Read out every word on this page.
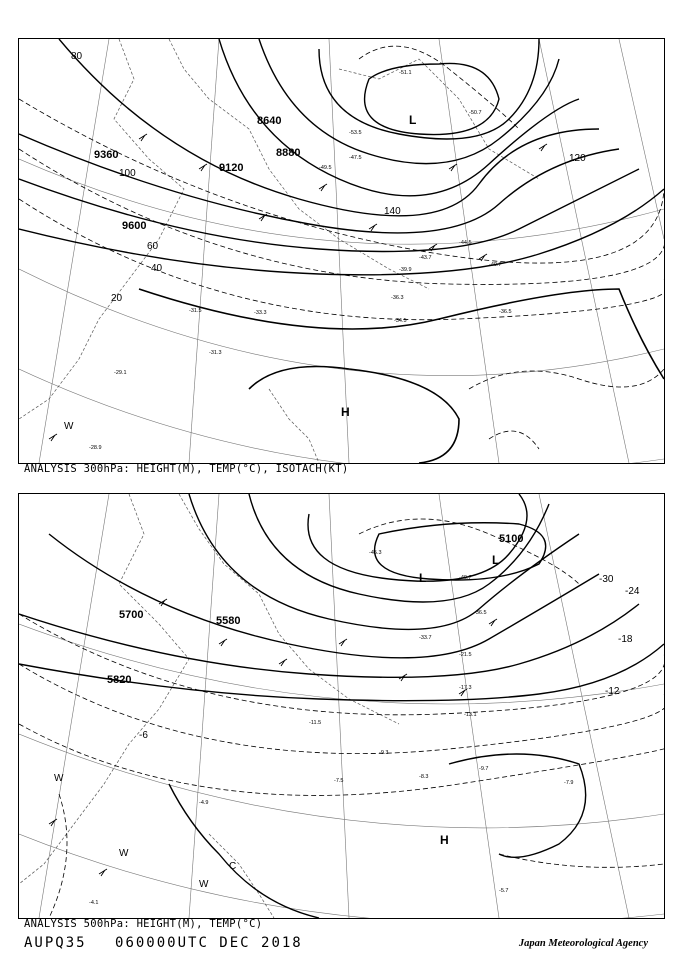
8640
8880
9120
9360
9600
20
40
60
80
100
120
140
L
H
W
-53.5
-51.1
-50.7
-49.5
-47.5
-44.5
-43.7
-40.7
-39.9
-36.5
-36.3
-34.5
-33.3
-31.5
-31.3
-29.1
-28.9
ANALYSIS 300hPa: HEIGHT(M), TEMP(°C), ISOTACH(KT)
5100
5580
5700
5820
-30
-24
-18
-12
-6
L
L
H
C
W
W
W
-45.3
-40.7
-36.5
-33.7
-21.5
-17.3
-13.1
-11.5
-9.7
-9.3
-8.3
-7.9
-7.5
-5.7
-4.9
-4.1
ANALYSIS 500hPa: HEIGHT(M), TEMP(°C)
AUPQ35 060000UTC DEC 2018	Japan Meteorological Agency
